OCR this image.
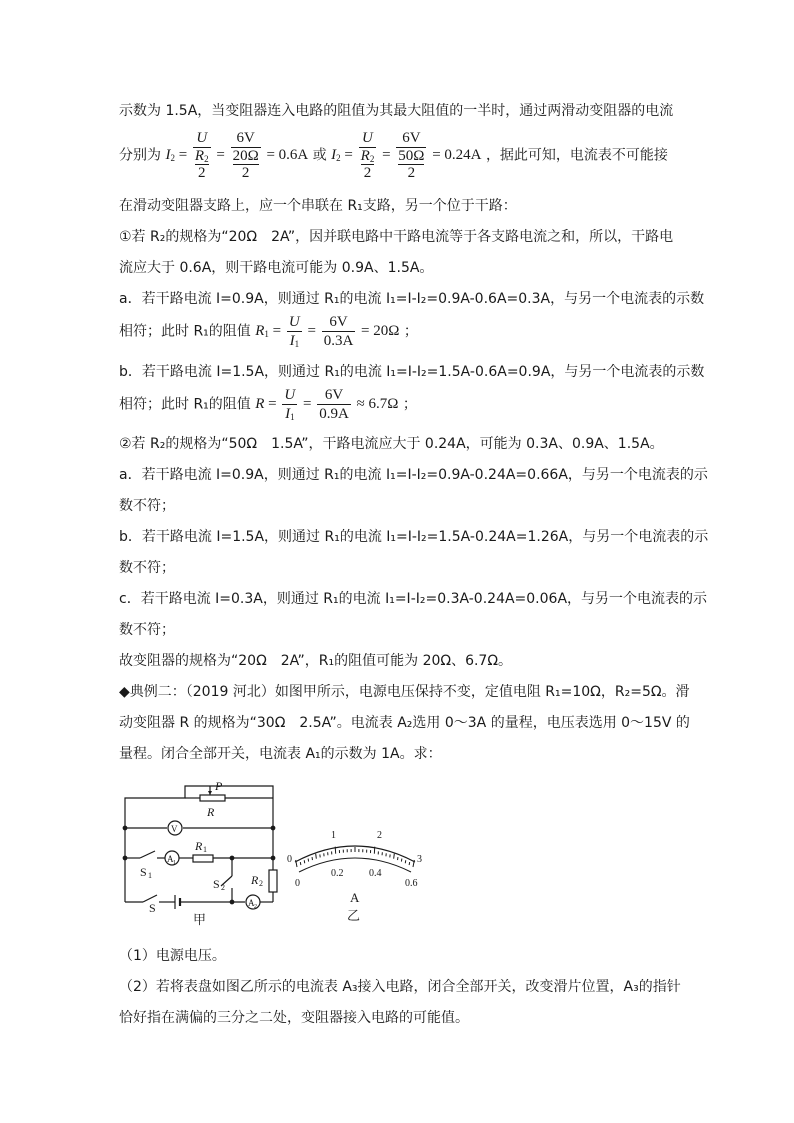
示数为 1.5A，当变阻器连入电路的阻值为其最大阻值的一半时，通过两滑动变阻器的电流
分别为 $I_2 = \frac{U}{\frac{R_2}{2}} = \frac{6V}{\frac{20\Omega}{2}} = 0.6A$ 或 $I_2 = \frac{U}{\frac{R_2}{2}} = \frac{6V}{\frac{50\Omega}{2}} = 0.24A$ ，据此可知，电流表不可能接
在滑动变阻器支路上，应一个串联在 R₁支路，另一个位于干路：
①若 R₂的规格为“20Ω　2A”，因并联电路中干路电流等于各支路电流之和，所以，干路电
流应大于 0.6A，则干路电流可能为 0.9A、1.5A。
a．若干路电流 I=0.9A，则通过 R₁的电流 I₁=I-I₂=0.9A-0.6A=0.3A，与另一个电流表的示数
相符；此时 R₁的阻值 $R_1 = \frac{U}{I_1} = \frac{6V}{0.3A} = 20\Omega$ ；
b．若干路电流 I=1.5A，则通过 R₁的电流 I₁=I-I₂=1.5A-0.6A=0.9A，与另一个电流表的示数
相符；此时 R₁的阻值 $R = \frac{U}{I_1} = \frac{6V}{0.9A} \approx 6.7\Omega$ ；
②若 R₂的规格为“50Ω　1.5A”，干路电流应大于 0.24A，可能为 0.3A、0.9A、1.5A。
a．若干路电流 I=0.9A，则通过 R₁的电流 I₁=I-I₂=0.9A-0.24A=0.66A，与另一个电流表的示
数不符；
b．若干路电流 I=1.5A，则通过 R₁的电流 I₁=I-I₂=1.5A-0.24A=1.26A，与另一个电流表的示
数不符；
c．若干路电流 I=0.3A，则通过 R₁的电流 I₁=I-I₂=0.3A-0.24A=0.06A，与另一个电流表的示
数不符；
故变阻器的规格为“20Ω　2A”，R₁的阻值可能为 20Ω、6.7Ω。
◆典例二：（2019 河北）如图甲所示，电源电压保持不变，定值电阻 R₁=10Ω，R₂=5Ω。滑
动变阻器 R 的规格为“30Ω　2.5A”。电流表 A₂选用 0～3A 的量程，电压表选用 0～15V 的
量程。闭合全部开关，电流表 A₁的示数为 1A。求：
P
R
V
A 1
R 1
S 1
S 2
R 2
S	A 2
甲
0
1	2
3
0
0.2	0.4
0.6
A
乙
（1）电源电压。
（2）若将表盘如图乙所示的电流表 A₃接入电路，闭合全部开关，改变滑片位置，A₃的指针
恰好指在满偏的三分之二处，变阻器接入电路的可能值。
